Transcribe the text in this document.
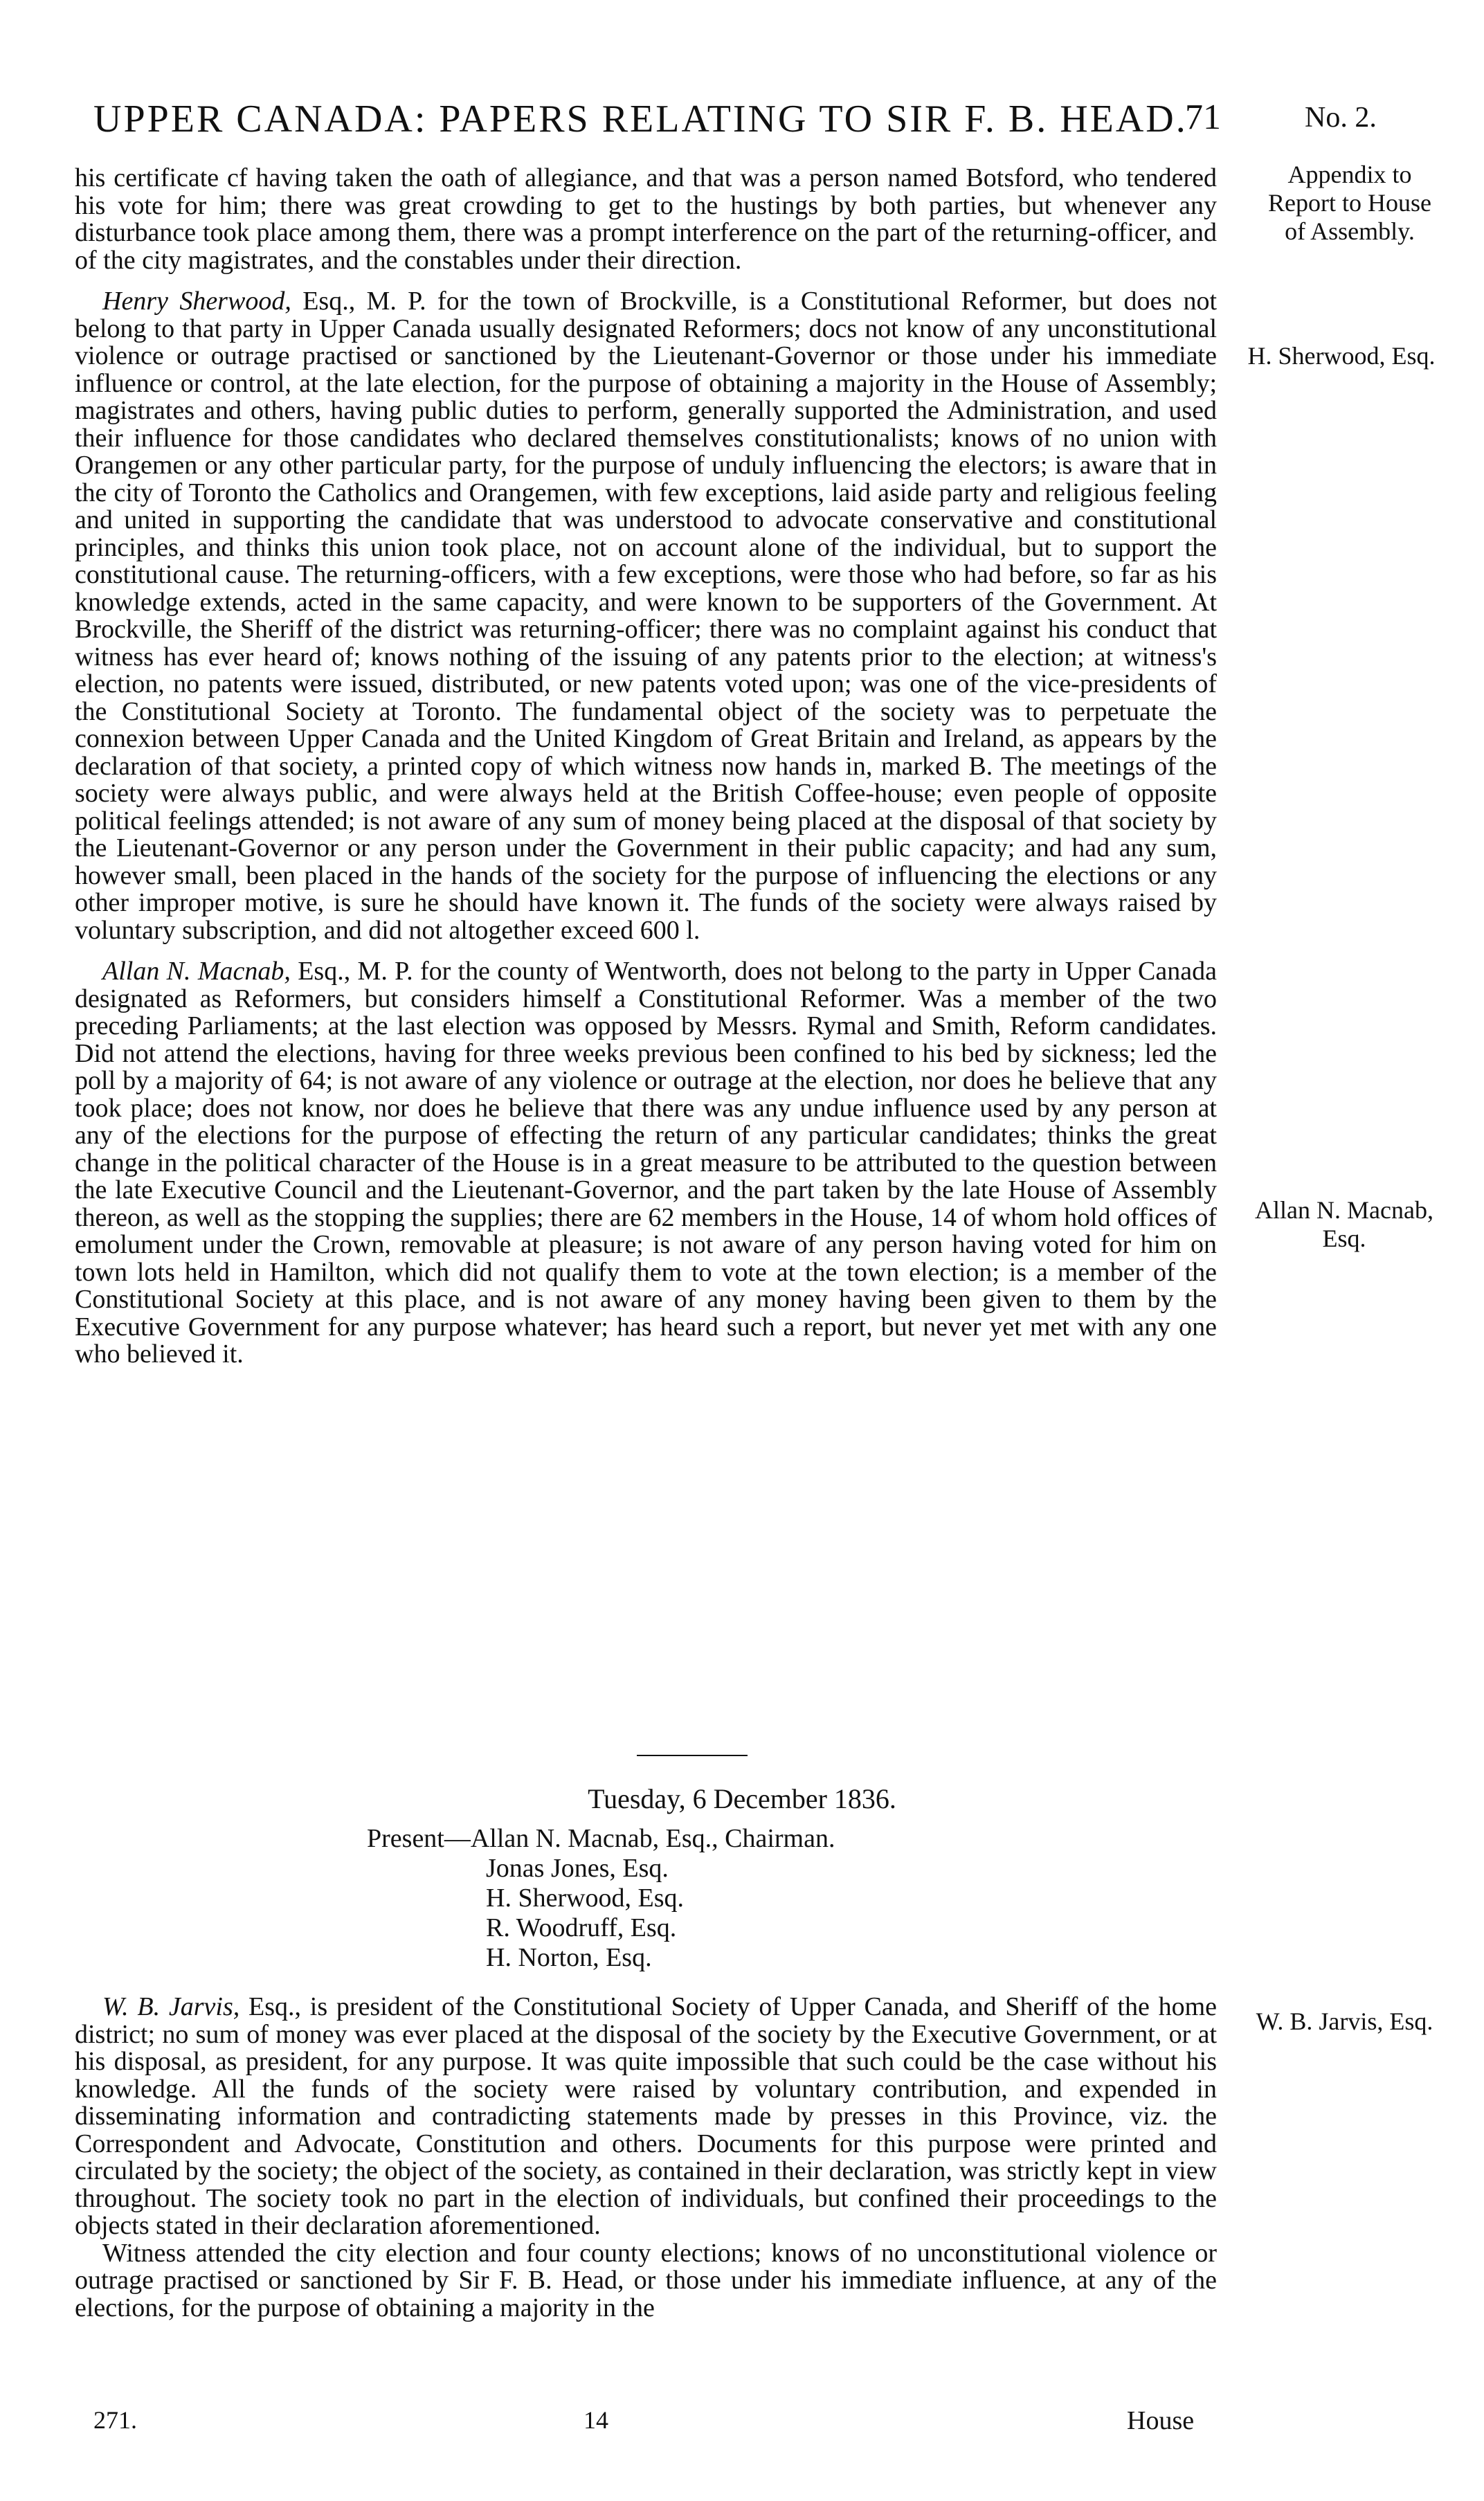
UPPER CANADA: PAPERS RELATING TO SIR F. B. HEAD.
71	No. 2.
Appendix to
Report to House
of Assembly.
H. Sherwood, Esq.
Allan N. Macnab,
Esq.
W. B. Jarvis, Esq.

his certificate cf having taken the oath of allegiance, and that was a person named Botsford, who tendered his vote for him; there was great crowding to get to the hustings by both parties, but whenever any disturbance took place among them, there was a prompt interference on the part of the returning-officer, and of the city magistrates, and the constables under their direction.

Henry Sherwood, Esq., M. P. for the town of Brockville, is a Constitutional Reformer, but does not belong to that party in Upper Canada usually designated Reformers; docs not know of any unconstitutional violence or outrage practised or sanctioned by the Lieutenant-Governor or those under his immediate influence or control, at the late election, for the purpose of obtaining a majority in the House of Assembly; magistrates and others, having public duties to perform, generally supported the Administration, and used their influence for those candidates who declared themselves constitutionalists; knows of no union with Orangemen or any other particular party, for the purpose of unduly influencing the electors; is aware that in the city of Toronto the Catholics and Orangemen, with few exceptions, laid aside party and religious feeling and united in supporting the candidate that was understood to advocate conservative and constitutional principles, and thinks this union took place, not on account alone of the individual, but to support the constitutional cause. The returning-officers, with a few exceptions, were those who had before, so far as his knowledge extends, acted in the same capacity, and were known to be supporters of the Government. At Brockville, the Sheriff of the district was returning-officer; there was no complaint against his conduct that witness has ever heard of; knows nothing of the issuing of any patents prior to the election; at witness's election, no patents were issued, distributed, or new patents voted upon; was one of the vice-presidents of the Constitutional Society at Toronto. The fundamental object of the society was to perpetuate the connexion between Upper Canada and the United Kingdom of Great Britain and Ireland, as appears by the declaration of that society, a printed copy of which witness now hands in, marked B. The meetings of the society were always public, and were always held at the British Coffee-house; even people of opposite political feelings attended; is not aware of any sum of money being placed at the disposal of that society by the Lieutenant-Governor or any person under the Government in their public capacity; and had any sum, however small, been placed in the hands of the society for the purpose of influencing the elections or any other improper motive, is sure he should have known it. The funds of the society were always raised by voluntary subscription, and did not altogether exceed 600 l.

Allan N. Macnab, Esq., M. P. for the county of Wentworth, does not belong to the party in Upper Canada designated as Reformers, but considers himself a Constitutional Reformer. Was a member of the two preceding Parliaments; at the last election was opposed by Messrs. Rymal and Smith, Reform candidates. Did not attend the elections, having for three weeks previous been confined to his bed by sickness; led the poll by a majority of 64; is not aware of any violence or outrage at the election, nor does he believe that any took place; does not know, nor does he believe that there was any undue influence used by any person at any of the elections for the purpose of effecting the return of any particular candidates; thinks the great change in the political character of the House is in a great measure to be attributed to the question between the late Executive Council and the Lieutenant-Governor, and the part taken by the late House of Assembly thereon, as well as the stopping the supplies; there are 62 members in the House, 14 of whom hold offices of emolument under the Crown, removable at pleasure; is not aware of any person having voted for him on town lots held in Hamilton, which did not qualify them to vote at the town election; is a member of the Constitutional Society at this place, and is not aware of any money having been given to them by the Executive Government for any purpose whatever; has heard such a report, but never yet met with any one who believed it.

Tuesday, 6 December 1836.
Present—Allan N. Macnab, Esq., Chairman.
Jonas Jones, Esq.
H. Sherwood, Esq.
R. Woodruff, Esq.
H. Norton, Esq.

W. B. Jarvis, Esq., is president of the Constitutional Society of Upper Canada, and Sheriff of the home district; no sum of money was ever placed at the disposal of the society by the Executive Government, or at his disposal, as president, for any purpose. It was quite impossible that such could be the case without his knowledge. All the funds of the society were raised by voluntary contribution, and expended in disseminating information and contradicting statements made by presses in this Province, viz. the Correspondent and Advocate, Constitution and others. Documents for this purpose were printed and circulated by the society; the object of the society, as contained in their declaration, was strictly kept in view throughout. The society took no part in the election of individuals, but confined their proceedings to the objects stated in their declaration aforementioned.

Witness attended the city election and four county elections; knows of no unconstitutional violence or outrage practised or sanctioned by Sir F. B. Head, or those under his immediate influence, at any of the elections, for the purpose of obtaining a majority in the

271.	14	House
